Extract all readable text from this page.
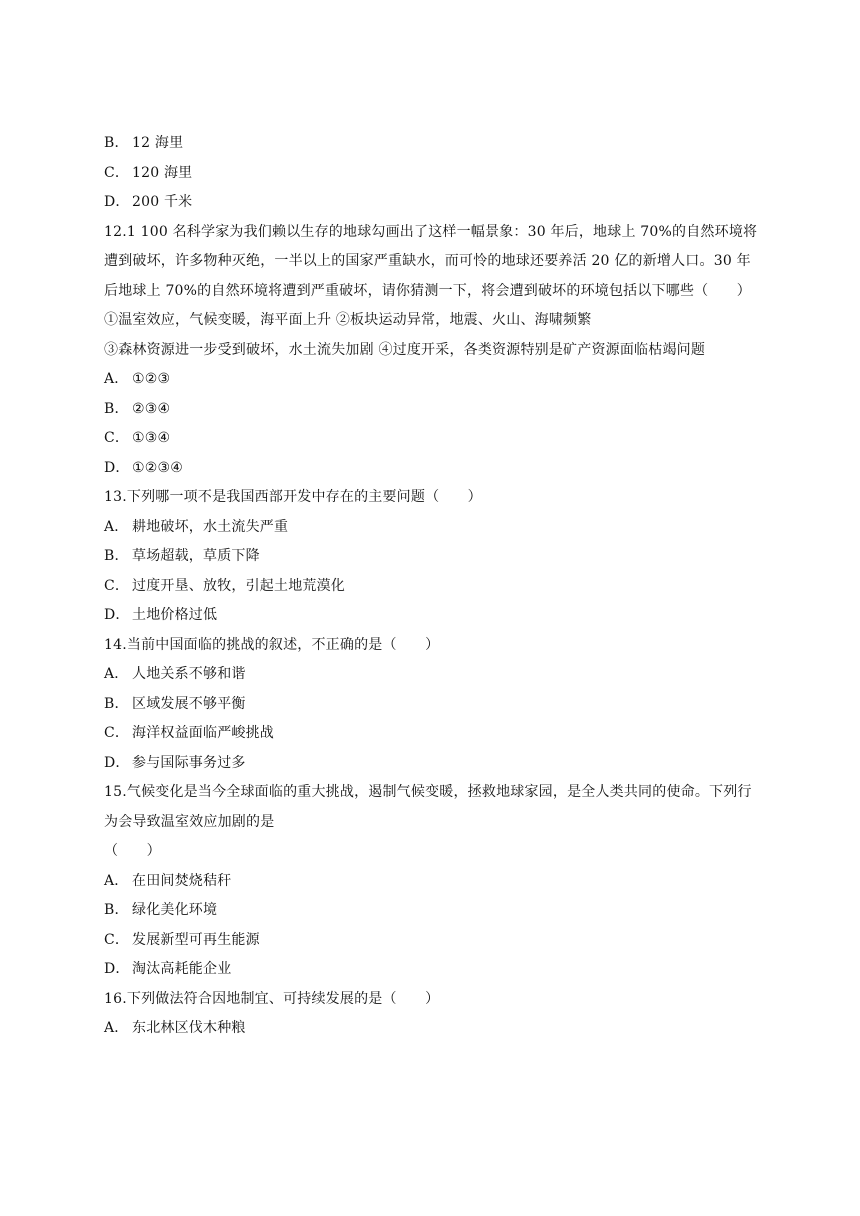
B． 12 海里
C． 120 海里
D． 200 千米
12.1 100 名科学家为我们赖以生存的地球勾画出了这样一幅景象：30 年后，地球上 70%的自然环境将遭到破坏，许多物种灭绝，一半以上的国家严重缺水，而可怜的地球还要养活 20 亿的新增人口。30 年后地球上 70%的自然环境将遭到严重破坏，请你猜测一下，将会遭到破坏的环境包括以下哪些（　　）
①温室效应，气候变暖，海平面上升 ②板块运动异常，地震、火山、海啸频繁
③森林资源进一步受到破坏，水土流失加剧 ④过度开采，各类资源特别是矿产资源面临枯竭问题
A． ①②③
B． ②③④
C． ①③④
D． ①②③④
13.下列哪一项不是我国西部开发中存在的主要问题（　　）
A． 耕地破坏，水土流失严重
B． 草场超载，草质下降
C． 过度开垦、放牧，引起土地荒漠化
D． 土地价格过低
14.当前中国面临的挑战的叙述，不正确的是（　　）
A． 人地关系不够和谐
B． 区域发展不够平衡
C． 海洋权益面临严峻挑战
D． 参与国际事务过多
15.气候变化是当今全球面临的重大挑战，遏制气候变暖，拯救地球家园，是全人类共同的使命。下列行为会导致温室效应加剧的是
（　　）
A． 在田间焚烧秸秆
B． 绿化美化环境
C． 发展新型可再生能源
D． 淘汰高耗能企业
16.下列做法符合因地制宜、可持续发展的是（　　）
A． 东北林区伐木种粮
